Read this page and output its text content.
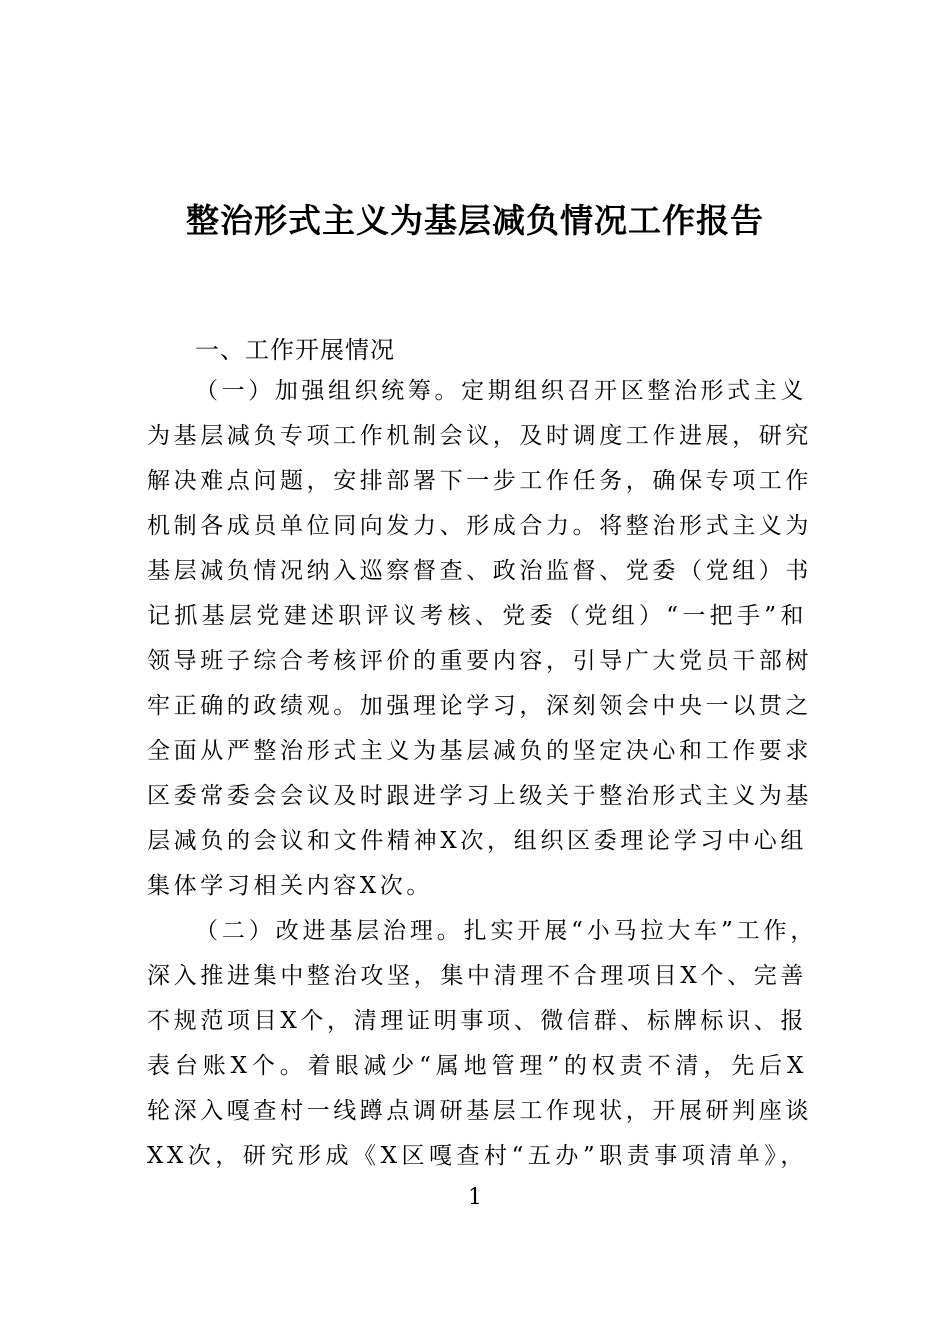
整治形式主义为基层减负情况工作报告
一、工作开展情况
（一）加强组织统筹。定期组织召开区整治形式主义
为基层减负专项工作机制会议，及时调度工作进展，研究
解决难点问题，安排部署下一步工作任务，确保专项工作
机制各成员单位同向发力、形成合力。将整治形式主义为
基层减负情况纳入巡察督查、政治监督、党委（党组）书
记抓基层党建述职评议考核、党委（党组）“一把手”和
领导班子综合考核评价的重要内容，引导广大党员干部树
牢正确的政绩观。加强理论学习，深刻领会中央一以贯之
全面从严整治形式主义为基层减负的坚定决心和工作要求
区委常委会会议及时跟进学习上级关于整治形式主义为基
层减负的会议和文件精神X次，组织区委理论学习中心组
集体学习相关内容X次。
（二）改进基层治理。扎实开展“小马拉大车”工作，
深入推进集中整治攻坚，集中清理不合理项目X个、完善
不规范项目X个，清理证明事项、微信群、标牌标识、报
表台账X个。着眼减少“属地管理”的权责不清，先后X
轮深入嘎查村一线蹲点调研基层工作现状，开展研判座谈
XX次，研究形成《X区嘎查村“五办”职责事项清单》，
1
